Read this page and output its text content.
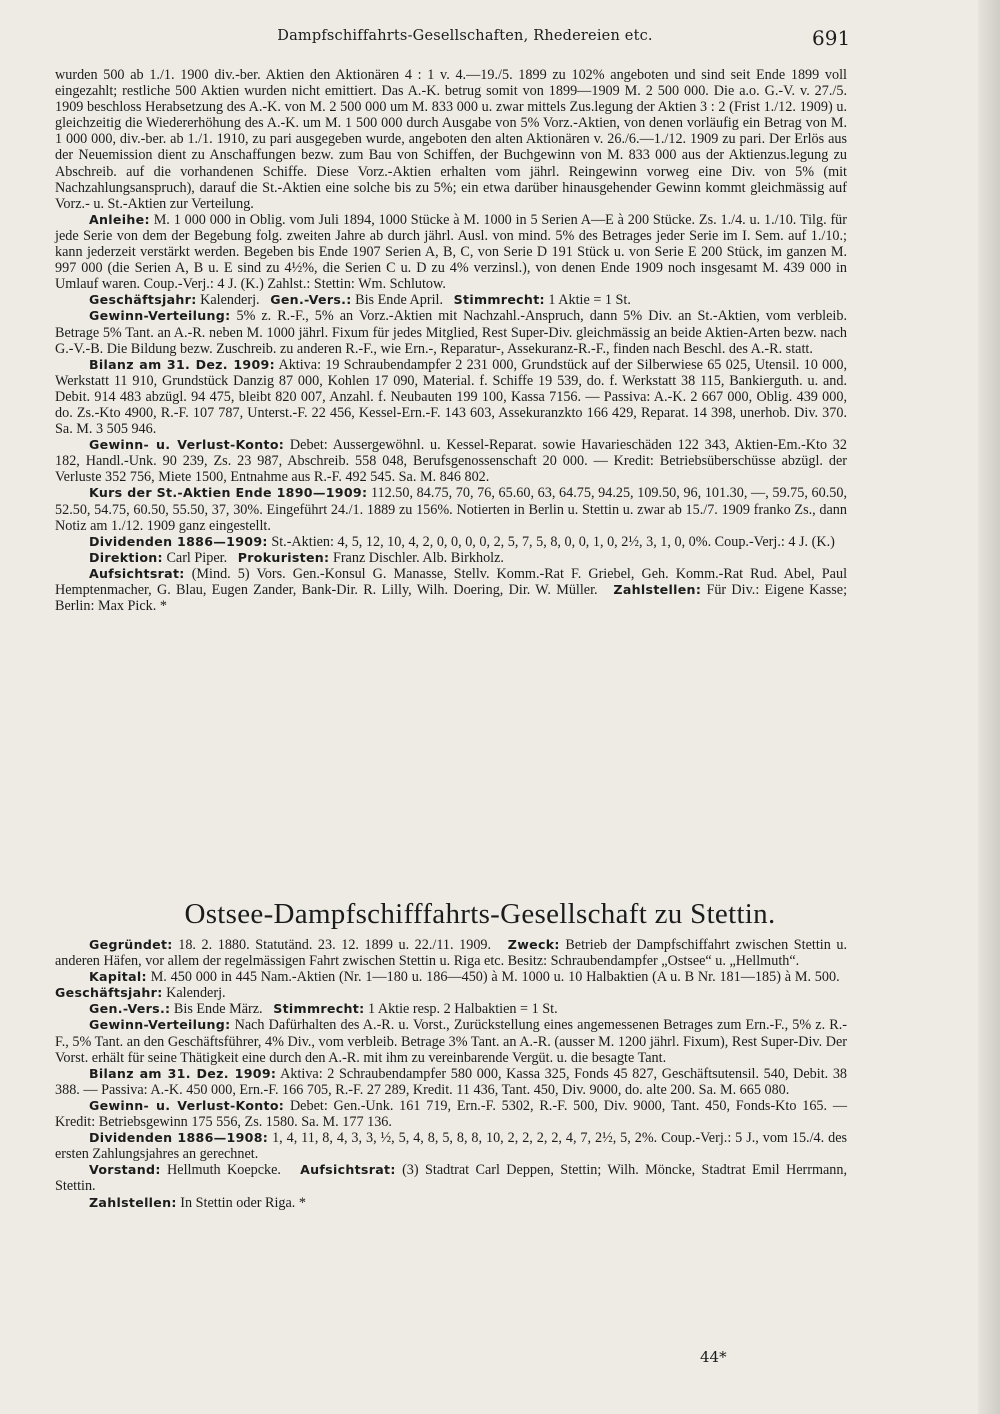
Dampfschiffahrts-Gesellschaften, Rhedereien etc.	691

wurden 500 ab 1./1. 1900 div.-ber. Aktien den Aktionären 4 : 1 v. 4.—19./5. 1899 zu 102% angeboten und sind seit Ende 1899 voll eingezahlt; restliche 500 Aktien wurden nicht emittiert. Das A.-K. betrug somit von 1899—1909 M. 2 500 000. Die a.o. G.-V. v. 27./5. 1909 beschloss Herabsetzung des A.-K. von M. 2 500 000 um M. 833 000 u. zwar mittels Zus.legung der Aktien 3 : 2 (Frist 1./12. 1909) u. gleichzeitig die Wiedererhöhung des A.-K. um M. 1 500 000 durch Ausgabe von 5% Vorz.-Aktien, von denen vorläufig ein Betrag von M. 1 000 000, div.-ber. ab 1./1. 1910, zu pari ausgegeben wurde, angeboten den alten Aktionären v. 26./6.—1./12. 1909 zu pari. Der Erlös aus der Neuemission dient zu Anschaffungen bezw. zum Bau von Schiffen, der Buchgewinn von M. 833 000 aus der Aktienzus.legung zu Abschreib. auf die vorhandenen Schiffe. Diese Vorz.-Aktien erhalten vom jährl. Reingewinn vorweg eine Div. von 5% (mit Nachzahlungsanspruch), darauf die St.-Aktien eine solche bis zu 5%; ein etwa darüber hinausgehender Gewinn kommt gleichmässig auf Vorz.- u. St.-Aktien zur Verteilung.

Anleihe: M. 1 000 000 in Oblig. vom Juli 1894, 1000 Stücke à M. 1000 in 5 Serien A—E à 200 Stücke. Zs. 1./4. u. 1./10. Tilg. für jede Serie von dem der Begebung folg. zweiten Jahre ab durch jährl. Ausl. von mind. 5% des Betrages jeder Serie im I. Sem. auf 1./10.; kann jederzeit verstärkt werden. Begeben bis Ende 1907 Serien A, B, C, von Serie D 191 Stück u. von Serie E 200 Stück, im ganzen M. 997 000 (die Serien A, B u. E sind zu 4½%, die Serien C u. D zu 4% verzinsl.), von denen Ende 1909 noch insgesamt M. 439 000 in Umlauf waren. Coup.-Verj.: 4 J. (K.) Zahlst.: Stettin: Wm. Schlutow.

Geschäftsjahr: Kalenderj. Gen.-Vers.: Bis Ende April. Stimmrecht: 1 Aktie = 1 St.

Gewinn-Verteilung: 5% z. R.-F., 5% an Vorz.-Aktien mit Nachzahl.-Anspruch, dann 5% Div. an St.-Aktien, vom verbleib. Betrage 5% Tant. an A.-R. neben M. 1000 jährl. Fixum für jedes Mitglied, Rest Super-Div. gleichmässig an beide Aktien-Arten bezw. nach G.-V.-B. Die Bildung bezw. Zuschreib. zu anderen R.-F., wie Ern.-, Reparatur-, Assekuranz-R.-F., finden nach Beschl. des A.-R. statt.

Bilanz am 31. Dez. 1909: Aktiva: 19 Schraubendampfer 2 231 000, Grundstück auf der Silberwiese 65 025, Utensil. 10 000, Werkstatt 11 910, Grundstück Danzig 87 000, Kohlen 17 090, Material. f. Schiffe 19 539, do. f. Werkstatt 38 115, Bankierguth. u. and. Debit. 914 483 abzügl. 94 475, bleibt 820 007, Anzahl. f. Neubauten 199 100, Kassa 7156. — Passiva: A.-K. 2 667 000, Oblig. 439 000, do. Zs.-Kto 4900, R.-F. 107 787, Unterst.-F. 22 456, Kessel-Ern.-F. 143 603, Assekuranzkto 166 429, Reparat. 14 398, unerhob. Div. 370. Sa. M. 3 505 946.

Gewinn- u. Verlust-Konto: Debet: Aussergewöhnl. u. Kessel-Reparat. sowie Havarieschäden 122 343, Aktien-Em.-Kto 32 182, Handl.-Unk. 90 239, Zs. 23 987, Abschreib. 558 048, Berufsgenossenschaft 20 000. — Kredit: Betriebsüberschüsse abzügl. der Verluste 352 756, Miete 1500, Entnahme aus R.-F. 492 545. Sa. M. 846 802.

Kurs der St.-Aktien Ende 1890—1909: 112.50, 84.75, 70, 76, 65.60, 63, 64.75, 94.25, 109.50, 96, 101.30, —, 59.75, 60.50, 52.50, 54.75, 60.50, 55.50, 37, 30%. Eingeführt 24./1. 1889 zu 156%. Notierten in Berlin u. Stettin u. zwar ab 15./7. 1909 franko Zs., dann Notiz am 1./12. 1909 ganz eingestellt.

Dividenden 1886—1909: St.-Aktien: 4, 5, 12, 10, 4, 2, 0, 0, 0, 0, 2, 5, 7, 5, 8, 0, 0, 1, 0, 2½, 3, 1, 0, 0%. Coup.-Verj.: 4 J. (K.)

Direktion: Carl Piper. Prokuristen: Franz Dischler. Alb. Birkholz.

Aufsichtsrat: (Mind. 5) Vors. Gen.-Konsul G. Manasse, Stellv. Komm.-Rat F. Griebel, Geh. Komm.-Rat Rud. Abel, Paul Hemptenmacher, G. Blau, Eugen Zander, Bank-Dir. R. Lilly, Wilh. Doering, Dir. W. Müller. Zahlstellen: Für Div.: Eigene Kasse; Berlin: Max Pick. *

Ostsee-Dampfschifffahrts-Gesellschaft zu Stettin.

Gegründet: 18. 2. 1880. Statutänd. 23. 12. 1899 u. 22./11. 1909. Zweck: Betrieb der Dampfschiffahrt zwischen Stettin u. anderen Häfen, vor allem der regelmässigen Fahrt zwischen Stettin u. Riga etc. Besitz: Schraubendampfer „Ostsee“ u. „Hellmuth“.

Kapital: M. 450 000 in 445 Nam.-Aktien (Nr. 1—180 u. 186—450) à M. 1000 u. 10 Halbaktien (A u. B Nr. 181—185) à M. 500.   Geschäftsjahr: Kalenderj.

Gen.-Vers.: Bis Ende März. Stimmrecht: 1 Aktie resp. 2 Halbaktien = 1 St.

Gewinn-Verteilung: Nach Dafürhalten des A.-R. u. Vorst., Zurückstellung eines angemessenen Betrages zum Ern.-F., 5% z. R.-F., 5% Tant. an den Geschäftsführer, 4% Div., vom verbleib. Betrage 3% Tant. an A.-R. (ausser M. 1200 jährl. Fixum), Rest Super-Div. Der Vorst. erhält für seine Thätigkeit eine durch den A.-R. mit ihm zu vereinbarende Vergüt. u. die besagte Tant.

Bilanz am 31. Dez. 1909: Aktiva: 2 Schraubendampfer 580 000, Kassa 325, Fonds 45 827, Geschäftsutensil. 540, Debit. 38 388. — Passiva: A.-K. 450 000, Ern.-F. 166 705, R.-F. 27 289, Kredit. 11 436, Tant. 450, Div. 9000, do. alte 200. Sa. M. 665 080.

Gewinn- u. Verlust-Konto: Debet: Gen.-Unk. 161 719, Ern.-F. 5302, R.-F. 500, Div. 9000, Tant. 450, Fonds-Kto 165. — Kredit: Betriebsgewinn 175 556, Zs. 1580. Sa. M. 177 136.

Dividenden 1886—1908: 1, 4, 11, 8, 4, 3, 3, ½, 5, 4, 8, 5, 8, 8, 10, 2, 2, 2, 2, 4, 7, 2½, 5, 2%. Coup.-Verj.: 5 J., vom 15./4. des ersten Zahlungsjahres an gerechnet.

Vorstand: Hellmuth Koepcke. Aufsichtsrat: (3) Stadtrat Carl Deppen, Stettin; Wilh. Möncke, Stadtrat Emil Herrmann, Stettin.

Zahlstellen: In Stettin oder Riga. *

44*
